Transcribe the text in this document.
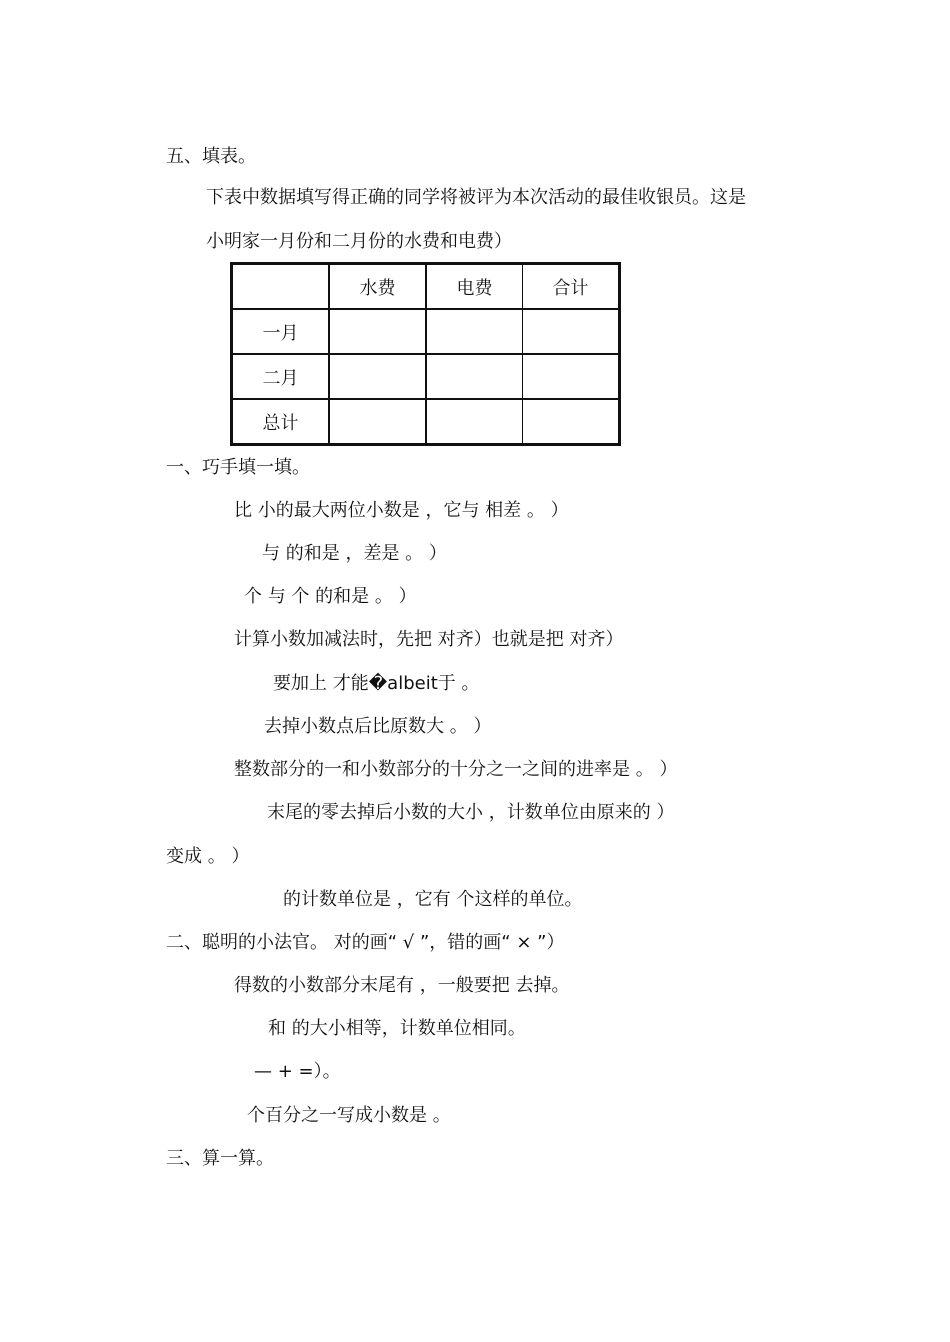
五、填表。

下表中数据填写得正确的同学将被评为本次活动的最佳收银员。这是

小明家一月份和二月份的水费和电费）

	水费	电费	合计
一月			
二月			
总计			

一、巧手填一填。

比 小的最大两位小数是 ，它与 相差 。 ）

与 的和是 ，差是 。 ）

个 与 个 的和是 。 ）

计算小数加减法时，先把 对齐）也就是把 对齐）

要加上 才能�albeit于 。

去掉小数点后比原数大 。 ）

整数部分的一和小数部分的十分之一之间的进率是 。 ）

末尾的零去掉后小数的大小 ，计数单位由原来的 ）

变成 。 ）

的计数单位是 ，它有 个这样的单位。

二、聪明的小法官。 对的画“ √ ”，错的画“ × ”）

得数的小数部分末尾有 ，一般要把 去掉。

和 的大小相等，计数单位相同。

— + =）。

个百分之一写成小数是 。

三、算一算。
